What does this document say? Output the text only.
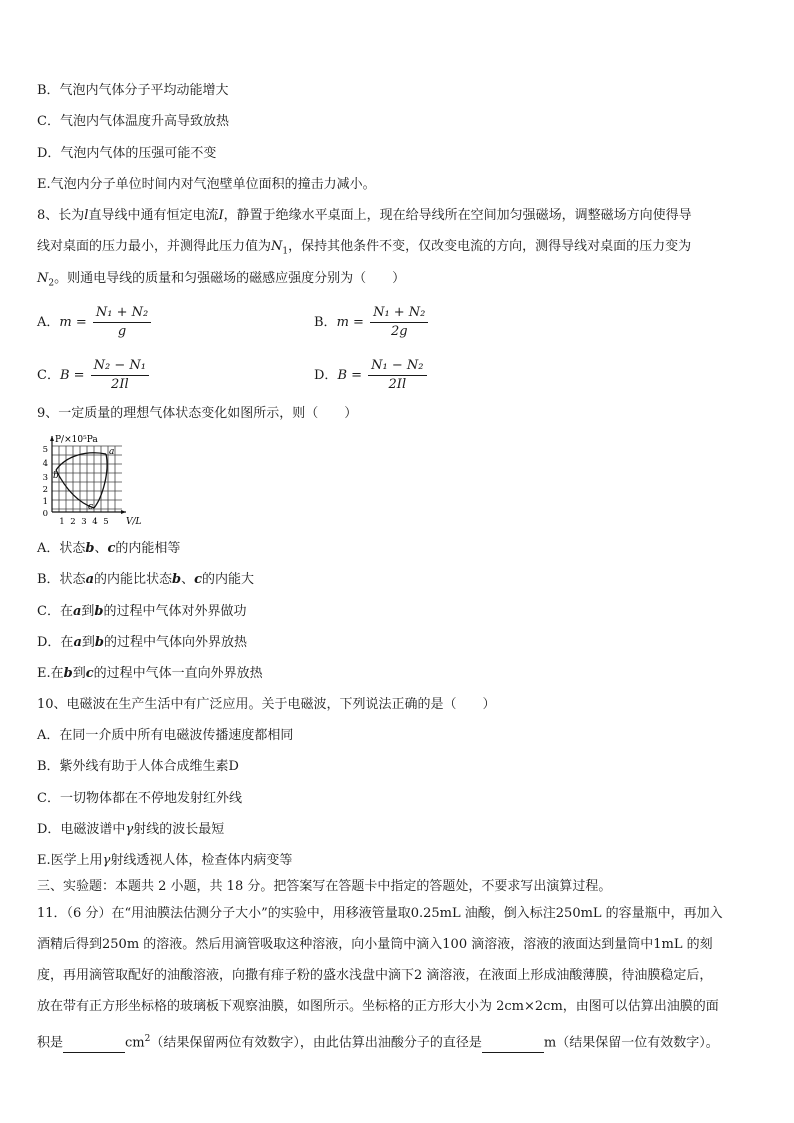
B．气泡内气体分子平均动能增大
C．气泡内气体温度升高导致放热
D．气泡内气体的压强可能不变
E.气泡内分子单位时间内对气泡壁单位面积的撞击力减小。
8、长为l直导线中通有恒定电流I，静置于绝缘水平桌面上，现在给导线所在空间加匀强磁场，调整磁场方向使得导
线对桌面的压力最小，并测得此压力值为$N_1$，保持其他条件不变，仅改变电流的方向，测得导线对桌面的压力变为
$N_2$。则通电导线的质量和匀强磁场的磁感应强度分别为（　　）
A．$m = \frac{\text{N₁ + N₂}}{g}$	B．$m = \frac{\text{N₁ + N₂}}{2g}$
C．$B = \frac{\text{N₂ − N₁}}{2Il}$	D．$B = \frac{\text{N₁ − N₂}}{2Il}$
9、一定质量的理想气体状态变化如图所示，则（　　）
P/×10⁵Pa
V/L
5
4
3
2
1
0
1 2 3 4 5
a
b
c
A．状态b、c的内能相等
B．状态a的内能比状态b、c的内能大
C．在a到b的过程中气体对外界做功
D．在a到b的过程中气体向外界放热
E.在b到c的过程中气体一直向外界放热
10、电磁波在生产生活中有广泛应用。关于电磁波，下列说法正确的是（　　）
A．在同一介质中所有电磁波传播速度都相同
B．紫外线有助于人体合成维生素D
C．一切物体都在不停地发射红外线
D．电磁波谱中γ射线的波长最短
E.医学上用γ射线透视人体，检查体内病变等
三、实验题：本题共 2 小题，共 18 分。把答案写在答题卡中指定的答题处，不要求写出演算过程。
11．（6 分）在“用油膜法估测分子大小”的实验中，用移液管量取0.25mL 油酸，倒入标注250mL 的容量瓶中，再加入
酒精后得到250m 的溶液。然后用滴管吸取这种溶液，向小量筒中滴入100 滴溶液，溶液的液面达到量筒中1mL 的刻
度，再用滴管取配好的油酸溶液，向撒有痱子粉的盛水浅盘中滴下2 滴溶液，在液面上形成油酸薄膜，待油膜稳定后，
放在带有正方形坐标格的玻璃板下观察油膜，如图所示。坐标格的正方形大小为 2cm×2cm，由图可以估算出油膜的面
积是	$cm^2$（结果保留两位有效数字），由此估算出油酸分子的直径是	m（结果保留一位有效数字）。
